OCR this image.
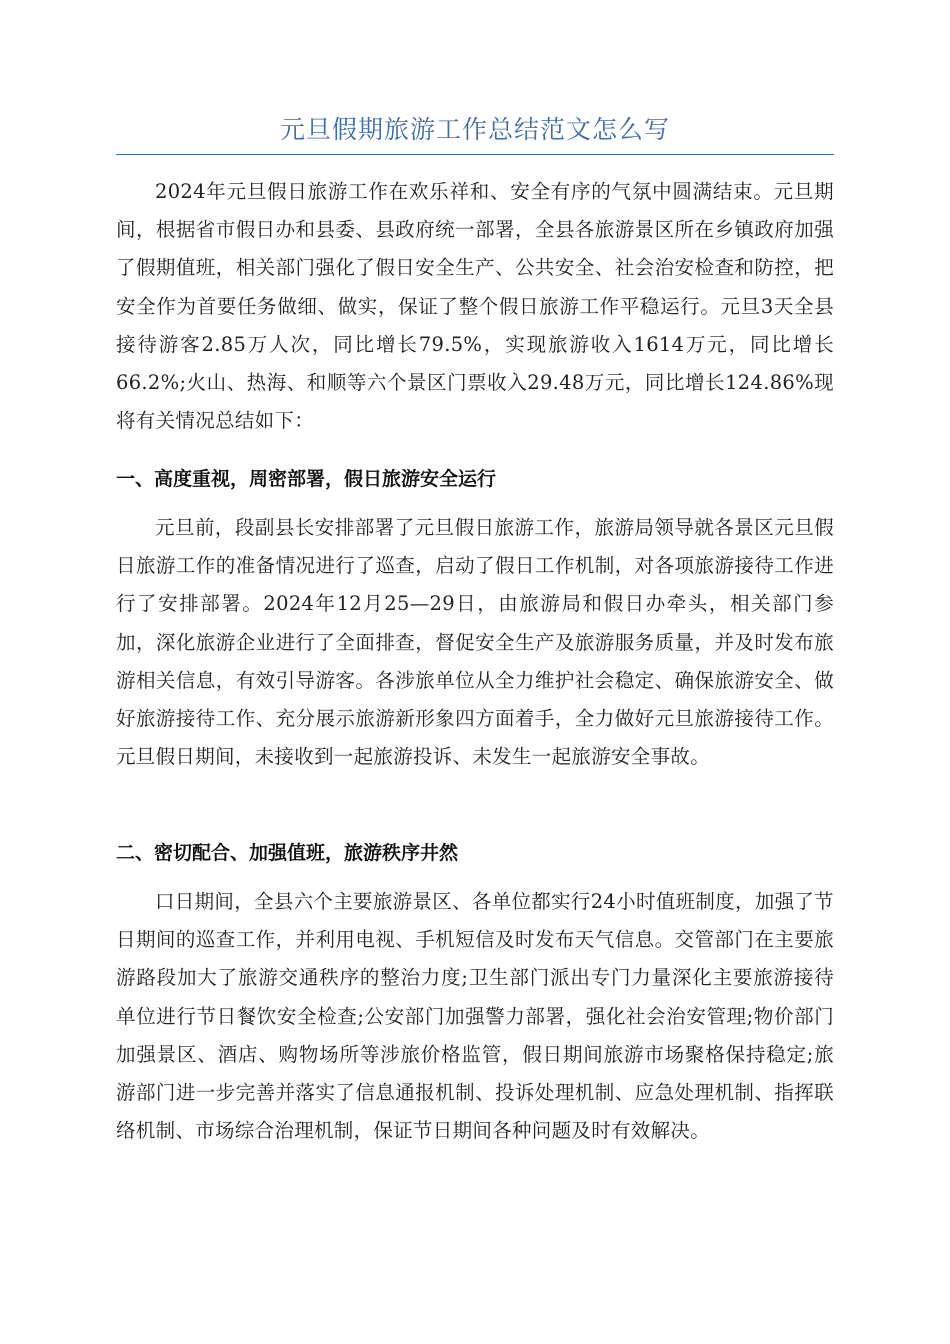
元旦假期旅游工作总结范文怎么写

2024年元旦假日旅游工作在欢乐祥和、安全有序的气氛中圆满结束。元旦期间，根据省市假日办和县委、县政府统一部署，全县各旅游景区所在乡镇政府加强了假期值班，相关部门强化了假日安全生产、公共安全、社会治安检查和防控，把安全作为首要任务做细、做实，保证了整个假日旅游工作平稳运行。元旦3天全县接待游客2.85万人次，同比增长79.5%，实现旅游收入1614万元，同比增长66.2%;火山、热海、和顺等六个景区门票收入29.48万元，同比增长124.86%现将有关情况总结如下：

一、高度重视，周密部署，假日旅游安全运行

元旦前，段副县长安排部署了元旦假日旅游工作，旅游局领导就各景区元旦假日旅游工作的准备情况进行了巡查，启动了假日工作机制，对各项旅游接待工作进行了安排部署。2024年12月25—29日，由旅游局和假日办牵头，相关部门参加，深化旅游企业进行了全面排查，督促安全生产及旅游服务质量，并及时发布旅游相关信息，有效引导游客。各涉旅单位从全力维护社会稳定、确保旅游安全、做好旅游接待工作、充分展示旅游新形象四方面着手，全力做好元旦旅游接待工作。元旦假日期间，未接收到一起旅游投诉、未发生一起旅游安全事故。

二、密切配合、加强值班，旅游秩序井然

口日期间，全县六个主要旅游景区、各单位都实行24小时值班制度，加强了节日期间的巡查工作，并利用电视、手机短信及时发布天气信息。交管部门在主要旅游路段加大了旅游交通秩序的整治力度;卫生部门派出专门力量深化主要旅游接待单位进行节日餐饮安全检查;公安部门加强警力部署，强化社会治安管理;物价部门加强景区、酒店、购物场所等涉旅价格监管，假日期间旅游市场聚格保持稳定;旅游部门进一步完善并落实了信息通报机制、投诉处理机制、应急处理机制、指挥联络机制、市场综合治理机制，保证节日期间各种问题及时有效解决。
